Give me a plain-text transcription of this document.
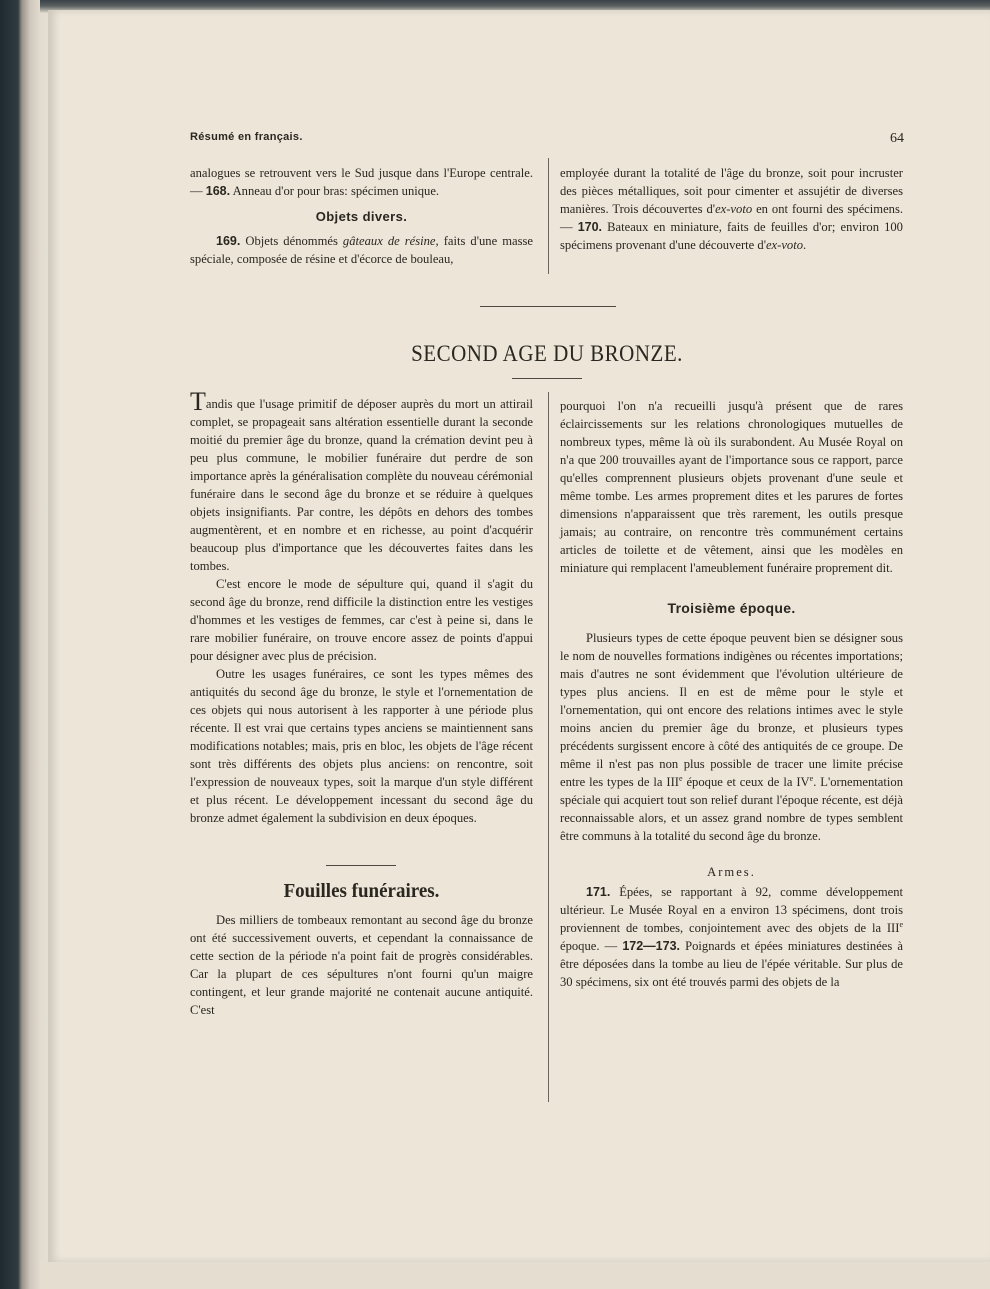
Résumé en français.	64

analogues se retrouvent vers le Sud jusque dans l'Europe centrale. — 168. Anneau d'or pour bras: spécimen unique.

Objets divers.

169. Objets dénommés gâteaux de résine, faits d'une masse spéciale, composée de résine et d'écorce de bouleau,

employée durant la totalité de l'âge du bronze, soit pour incruster des pièces métalliques, soit pour cimenter et assujétir de diverses manières. Trois découvertes d'ex-voto en ont fourni des spécimens. — 170. Bateaux en miniature, faits de feuilles d'or; environ 100 spécimens provenant d'une découverte d'ex-voto.

SECOND AGE DU BRONZE.

Tandis que l'usage primitif de déposer auprès du mort un attirail complet, se propageait sans altération essentielle durant la seconde moitié du premier âge du bronze, quand la crémation devint peu à peu plus commune, le mobilier funéraire dut perdre de son importance après la généralisation complète du nouveau cérémonial funéraire dans le second âge du bronze et se réduire à quelques objets insignifiants. Par contre, les dépôts en dehors des tombes augmentèrent, et en nombre et en richesse, au point d'acquérir beaucoup plus d'importance que les découvertes faites dans les tombes.

C'est encore le mode de sépulture qui, quand il s'agit du second âge du bronze, rend difficile la distinction entre les vestiges d'hommes et les vestiges de femmes, car c'est à peine si, dans le rare mobilier funéraire, on trouve encore assez de points d'appui pour désigner avec plus de précision.

Outre les usages funéraires, ce sont les types mêmes des antiquités du second âge du bronze, le style et l'ornementation de ces objets qui nous autorisent à les rapporter à une période plus récente. Il est vrai que certains types anciens se maintiennent sans modifications notables; mais, pris en bloc, les objets de l'âge récent sont très différents des objets plus anciens: on rencontre, soit l'expression de nouveaux types, soit la marque d'un style différent et plus récent. Le développement incessant du second âge du bronze admet également la subdivision en deux époques.

Fouilles funéraires.

Des milliers de tombeaux remontant au second âge du bronze ont été successivement ouverts, et cependant la connaissance de cette section de la période n'a point fait de progrès considérables. Car la plupart de ces sépultures n'ont fourni qu'un maigre contingent, et leur grande majorité ne contenait aucune antiquité. C'est

pourquoi l'on n'a recueilli jusqu'à présent que de rares éclaircissements sur les relations chronologiques mutuelles de nombreux types, même là où ils surabondent. Au Musée Royal on n'a que 200 trouvailles ayant de l'importance sous ce rapport, parce qu'elles comprennent plusieurs objets provenant d'une seule et même tombe. Les armes proprement dites et les parures de fortes dimensions n'apparaissent que très rarement, les outils presque jamais; au contraire, on rencontre très communément certains articles de toilette et de vêtement, ainsi que les modèles en miniature qui remplacent l'ameublement funéraire proprement dit.

Troisième époque.

Plusieurs types de cette époque peuvent bien se désigner sous le nom de nouvelles formations indigènes ou récentes importations; mais d'autres ne sont évidemment que l'évolution ultérieure de types plus anciens. Il en est de même pour le style et l'ornementation, qui ont encore des relations intimes avec le style moins ancien du premier âge du bronze, et plusieurs types précédents surgissent encore à côté des antiquités de ce groupe. De même il n'est pas non plus possible de tracer une limite précise entre les types de la IIIe époque et ceux de la IVe. L'ornementation spéciale qui acquiert tout son relief durant l'époque récente, est déjà reconnaissable alors, et un assez grand nombre de types semblent être communs à la totalité du second âge du bronze.

Armes.

171. Épées, se rapportant à 92, comme développement ultérieur. Le Musée Royal en a environ 13 spécimens, dont trois proviennent de tombes, conjointement avec des objets de la IIIe époque. — 172—173. Poignards et épées miniatures destinées à être déposées dans la tombe au lieu de l'épée véritable. Sur plus de 30 spécimens, six ont été trouvés parmi des objets de la
